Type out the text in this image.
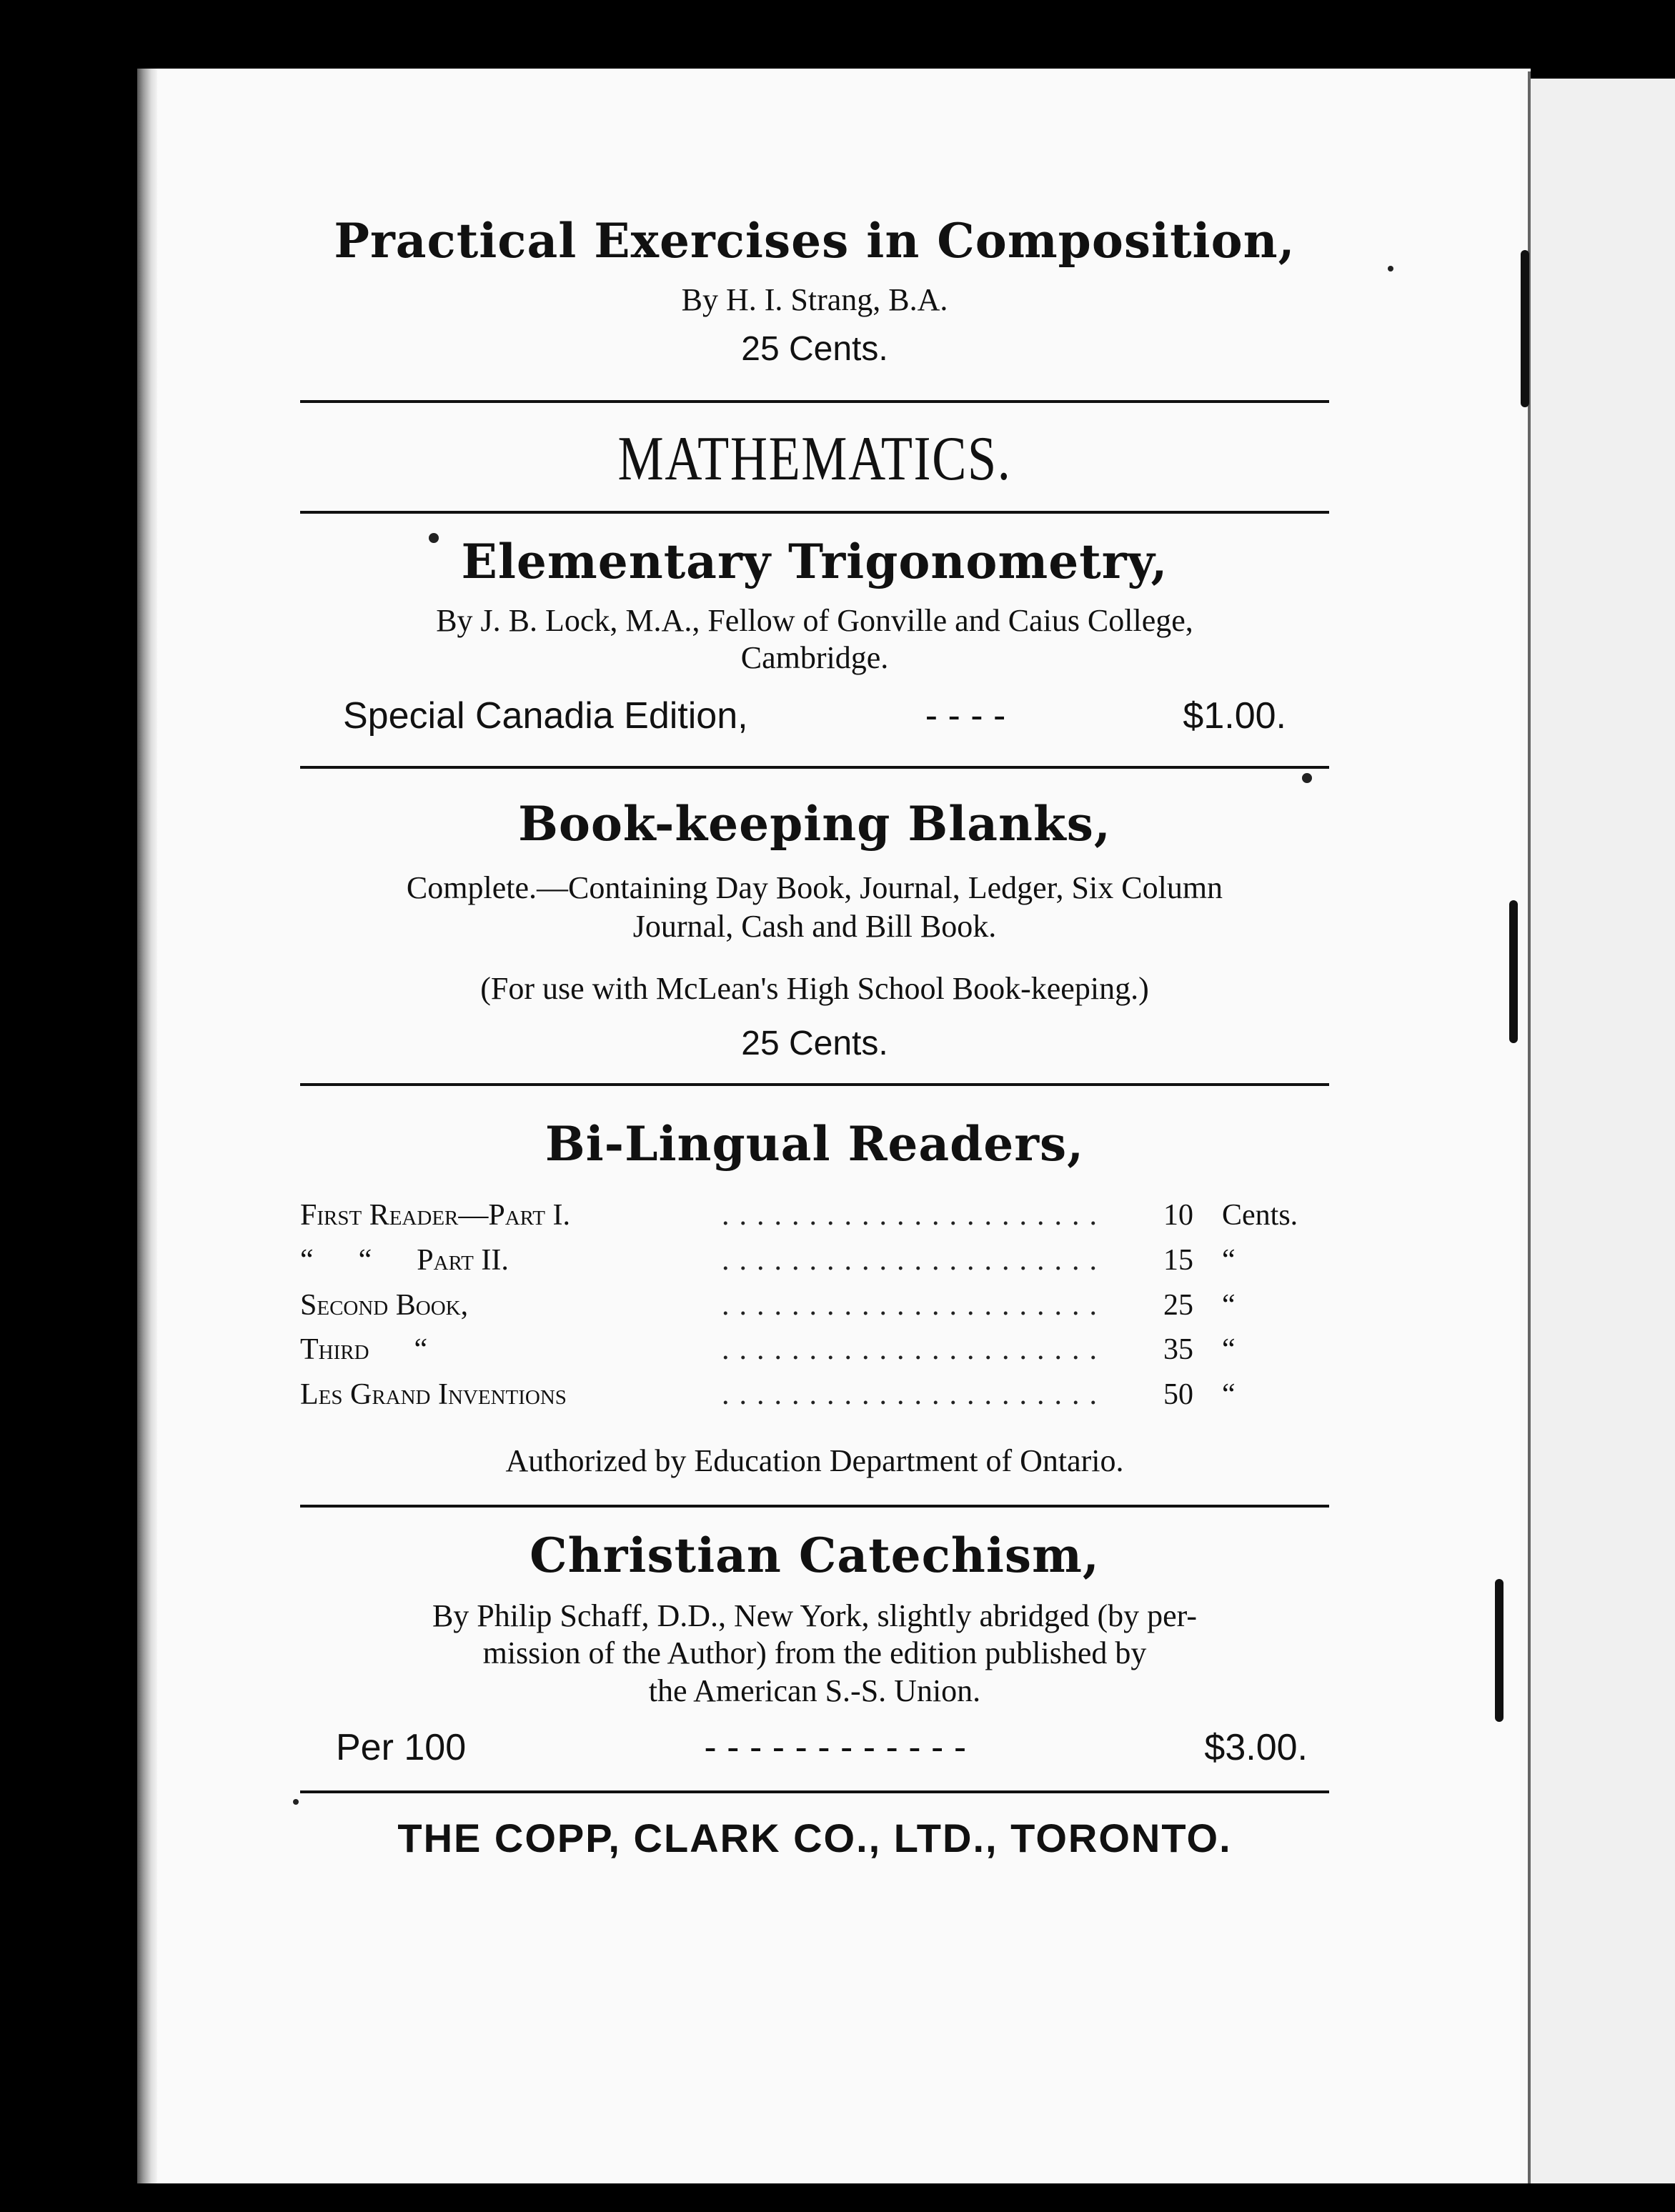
Practical Exercises in Composition,

By H. I. Strang, B.A.

25 Cents.

MATHEMATICS.

Elementary Trigonometry,

By J. B. Lock, M.A., Fellow of Gonville and Caius College,

Cambridge.

Special Canadia Edition,	- - - -	$1.00.
Book-keeping Blanks,

Complete.—Containing Day Book, Journal, Ledger, Six Column

Journal, Cash and Bill Book.

(For use with McLean's High School Book-keeping.)

25 Cents.

Bi-Lingual Readers,
First Reader—Part I.	......................	10	Cents.
“      “      Part II.	......................	15	“
Second Book,	......................	25	“
Third      “	......................	35	“
Les Grand Inventions	......................	50	“

Authorized by Education Department of Ontario.

Christian Catechism,

By Philip Schaff, D.D., New York, slightly abridged (by per-

mission of the Author) from the edition published by

the American S.-S. Union.

Per 100	- - - - - - - - - - - -	$3.00.

THE COPP, CLARK CO., LTD., TORONTO.
